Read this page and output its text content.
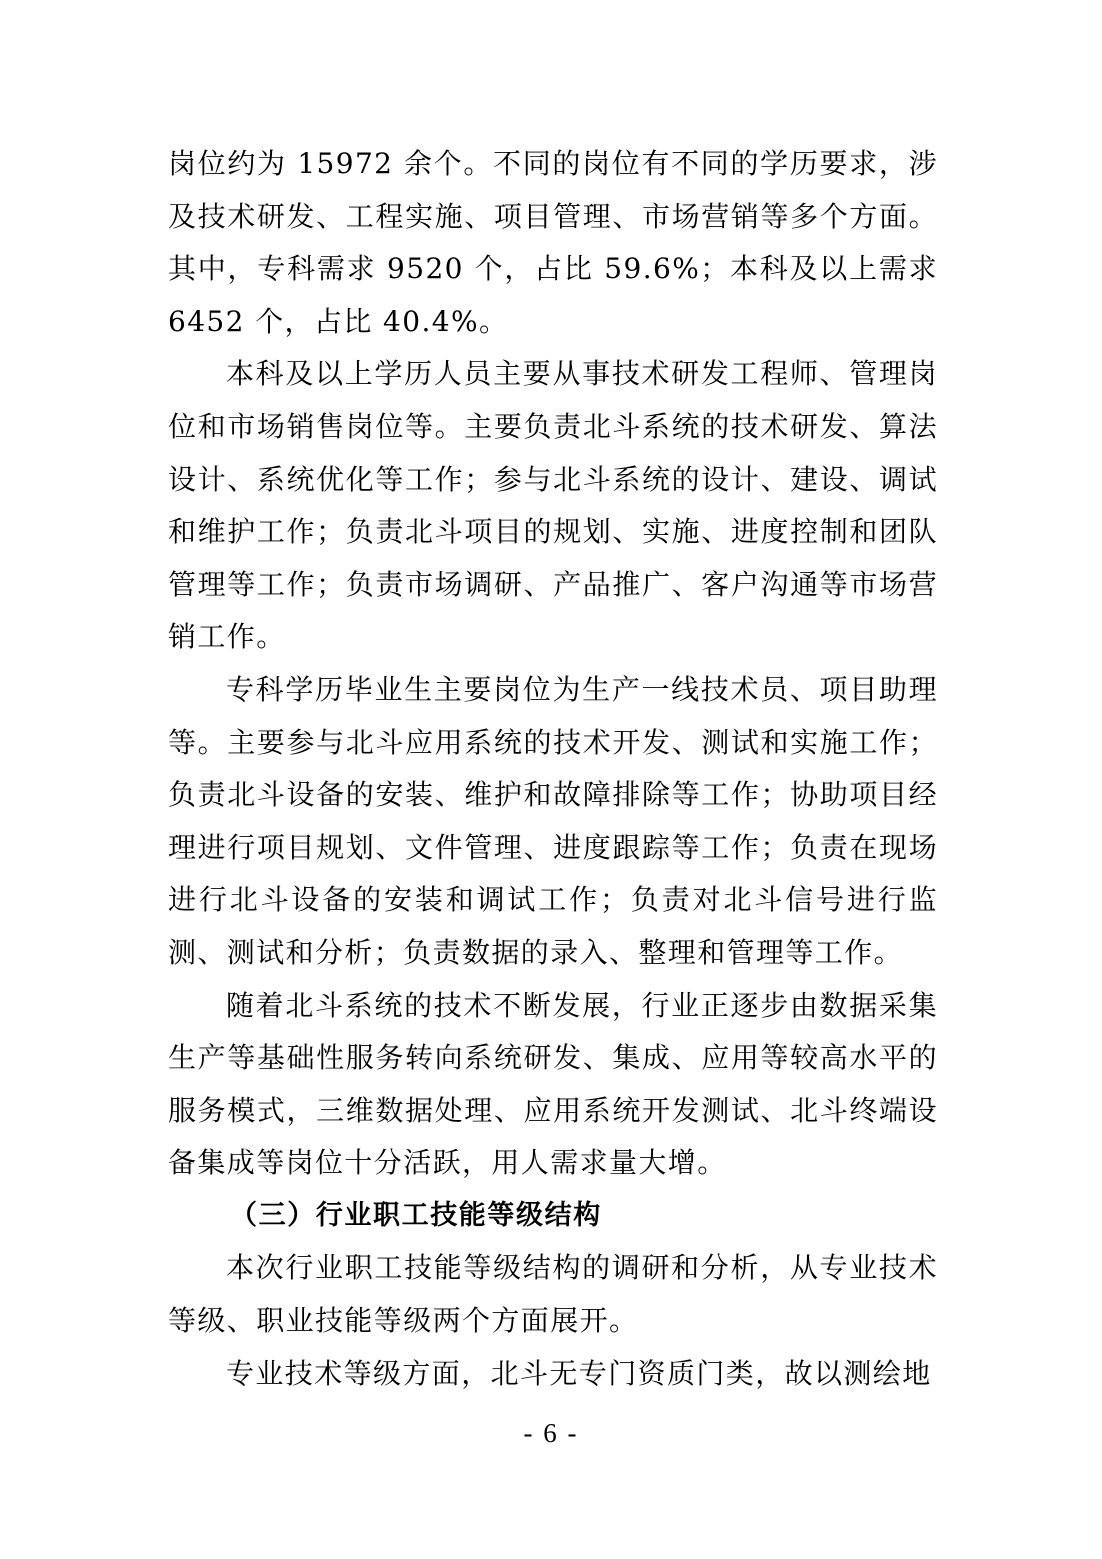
岗位约为 15972 余个。不同的岗位有不同的学历要求，涉及技术研发、工程实施、项目管理、市场营销等多个方面。其中，专科需求 9520 个，占比 59.6%；本科及以上需求 6452 个，占比 40.4%。

本科及以上学历人员主要从事技术研发工程师、管理岗位和市场销售岗位等。主要负责北斗系统的技术研发、算法设计、系统优化等工作；参与北斗系统的设计、建设、调试和维护工作；负责北斗项目的规划、实施、进度控制和团队管理等工作；负责市场调研、产品推广、客户沟通等市场营销工作。

专科学历毕业生主要岗位为生产一线技术员、项目助理等。主要参与北斗应用系统的技术开发、测试和实施工作；负责北斗设备的安装、维护和故障排除等工作；协助项目经理进行项目规划、文件管理、进度跟踪等工作；负责在现场进行北斗设备的安装和调试工作；负责对北斗信号进行监测、测试和分析；负责数据的录入、整理和管理等工作。

随着北斗系统的技术不断发展，行业正逐步由数据采集生产等基础性服务转向系统研发、集成、应用等较高水平的服务模式，三维数据处理、应用系统开发测试、北斗终端设备集成等岗位十分活跃，用人需求量大增。

（三）行业职工技能等级结构

本次行业职工技能等级结构的调研和分析，从专业技术等级、职业技能等级两个方面展开。

专业技术等级方面，北斗无专门资质门类，故以测绘地

- 6 -
